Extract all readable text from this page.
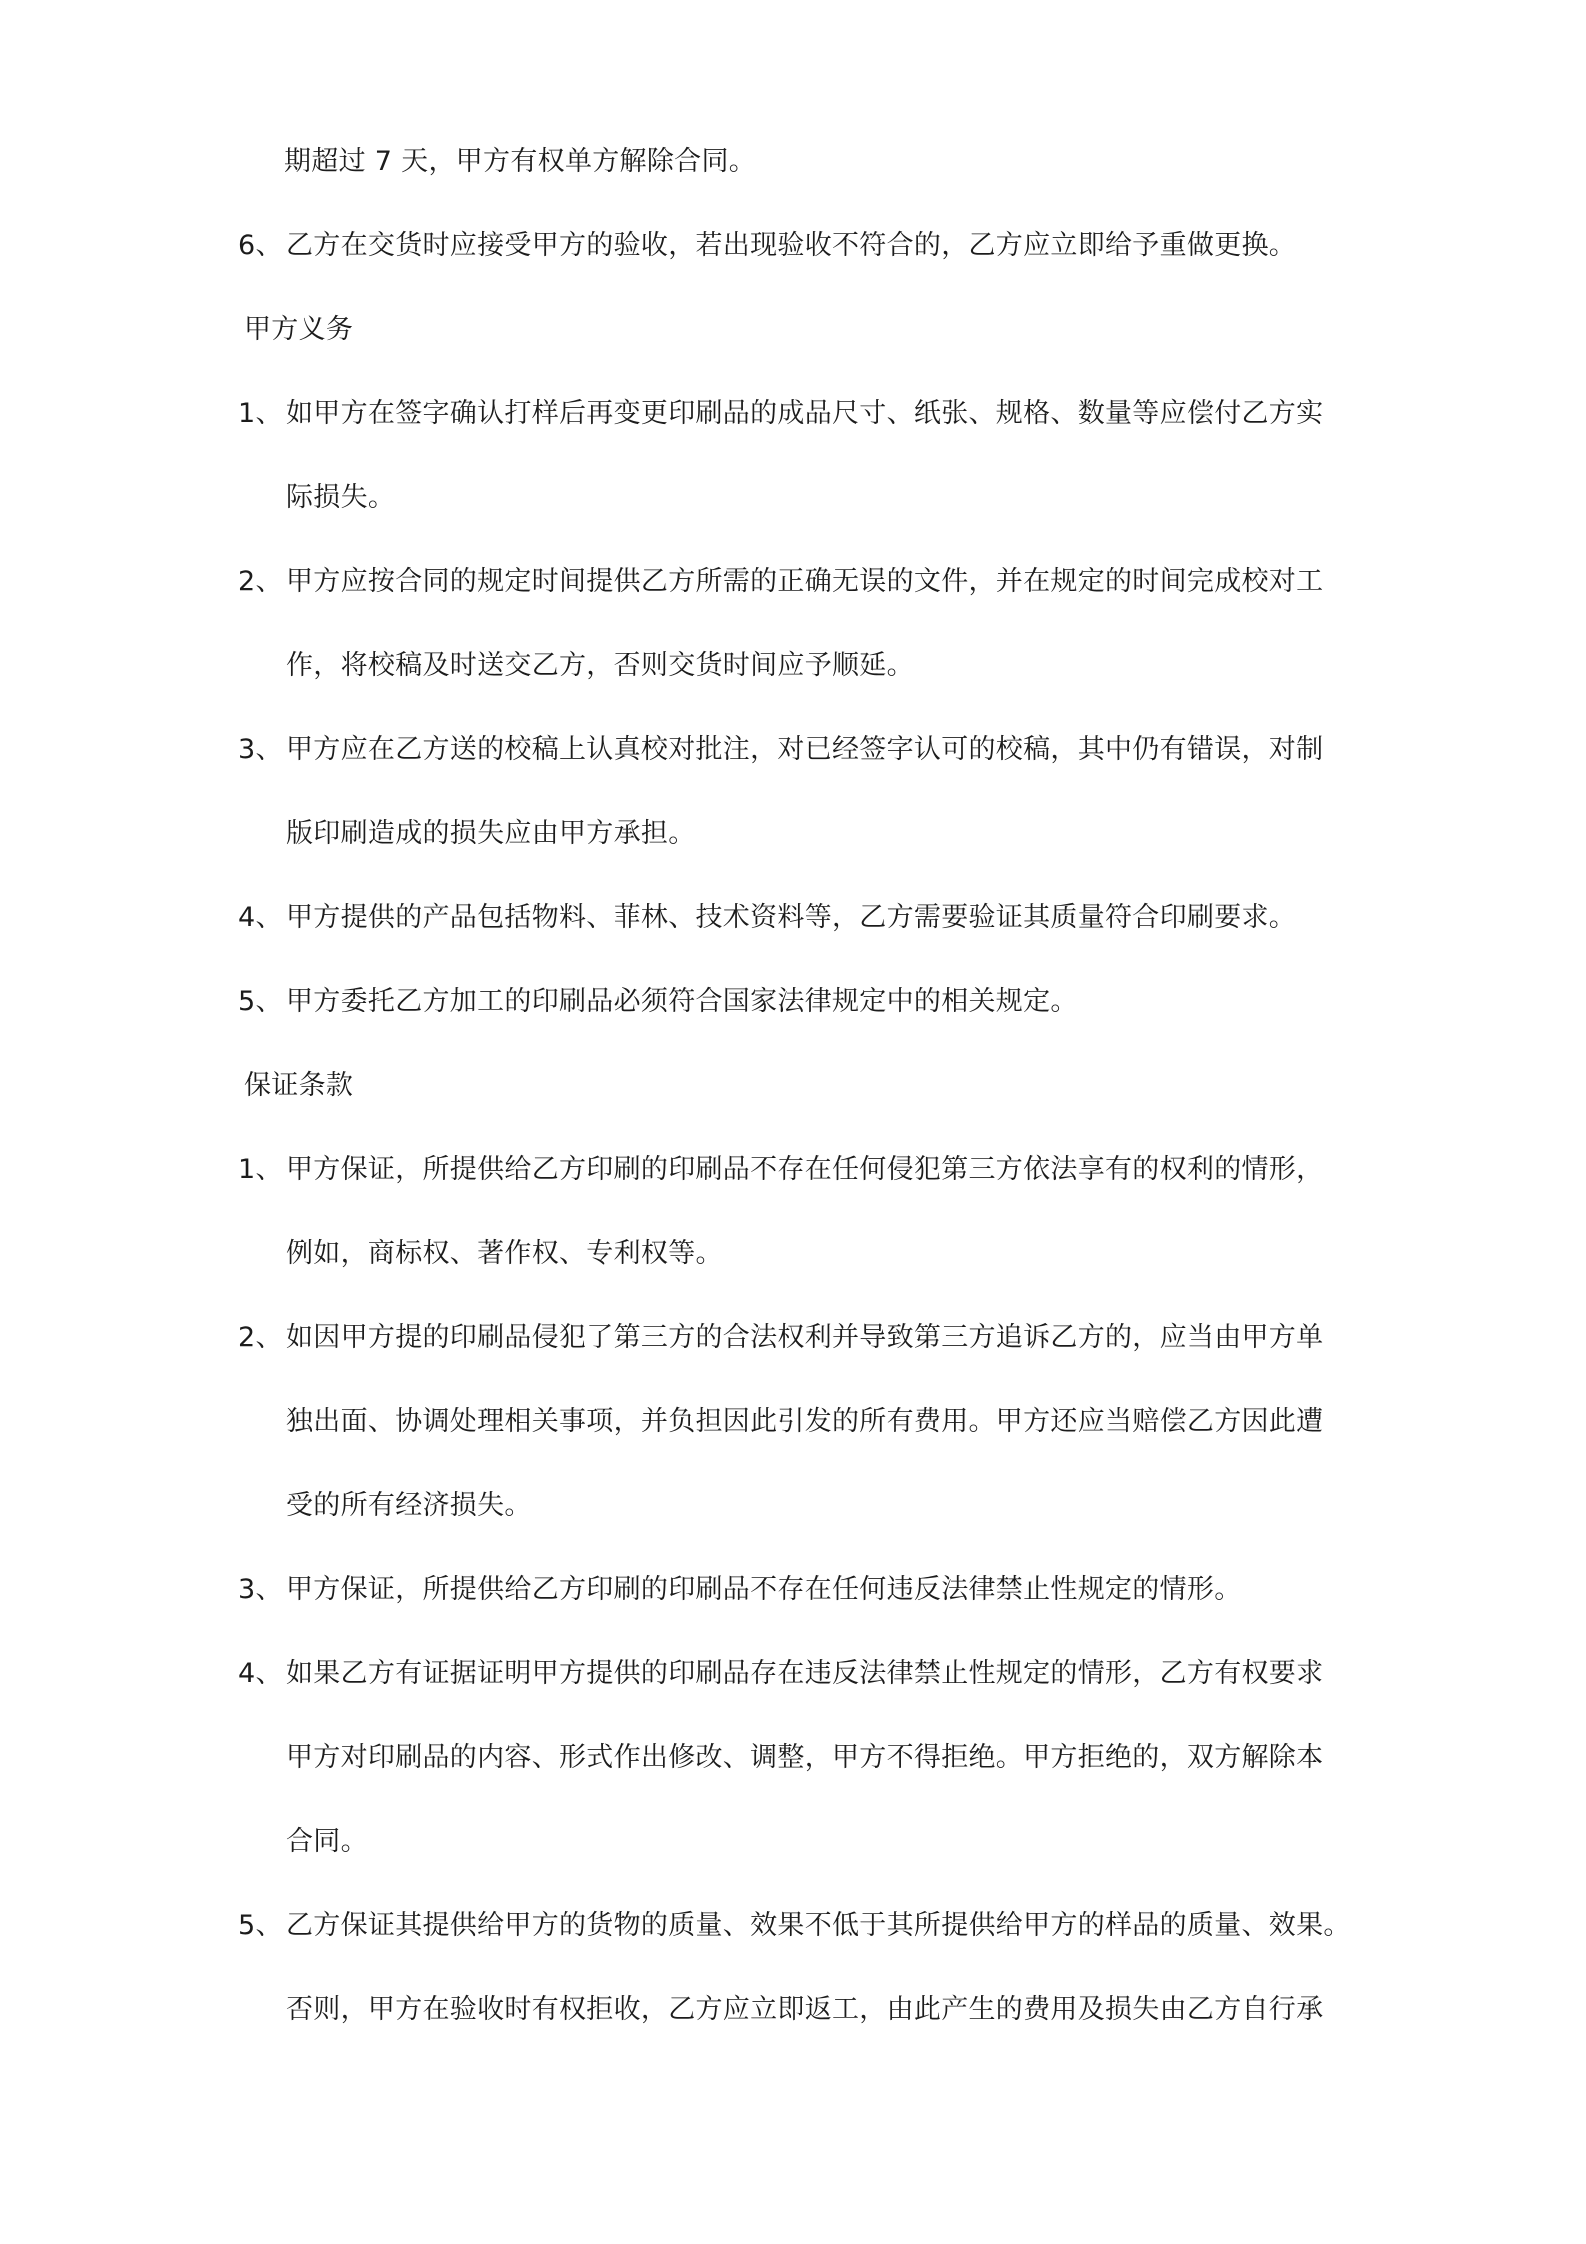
期超过 7 天，甲方有权单方解除合同。
6、 乙方在交货时应接受甲方的验收，若出现验收不符合的，乙方应立即给予重做更换。
甲方义务
1、 如甲方在签字确认打样后再变更印刷品的成品尺寸、纸张、规格、数量等应偿付乙方实
际损失。
2、 甲方应按合同的规定时间提供乙方所需的正确无误的文件，并在规定的时间完成校对工
作，将校稿及时送交乙方，否则交货时间应予顺延。
3、 甲方应在乙方送的校稿上认真校对批注，对已经签字认可的校稿，其中仍有错误，对制
版印刷造成的损失应由甲方承担。
4、 甲方提供的产品包括物料、菲林、技术资料等，乙方需要验证其质量符合印刷要求。
5、 甲方委托乙方加工的印刷品必须符合国家法律规定中的相关规定。
保证条款
1、 甲方保证，所提供给乙方印刷的印刷品不存在任何侵犯第三方依法享有的权利的情形，
例如，商标权、著作权、专利权等。
2、 如因甲方提的印刷品侵犯了第三方的合法权利并导致第三方追诉乙方的，应当由甲方单
独出面、协调处理相关事项，并负担因此引发的所有费用。甲方还应当赔偿乙方因此遭
受的所有经济损失。
3、 甲方保证，所提供给乙方印刷的印刷品不存在任何违反法律禁止性规定的情形。
4、 如果乙方有证据证明甲方提供的印刷品存在违反法律禁止性规定的情形，乙方有权要求
甲方对印刷品的内容、形式作出修改、调整，甲方不得拒绝。甲方拒绝的，双方解除本
合同。
5、 乙方保证其提供给甲方的货物的质量、效果不低于其所提供给甲方的样品的质量、效果。
否则，甲方在验收时有权拒收，乙方应立即返工，由此产生的费用及损失由乙方自行承
